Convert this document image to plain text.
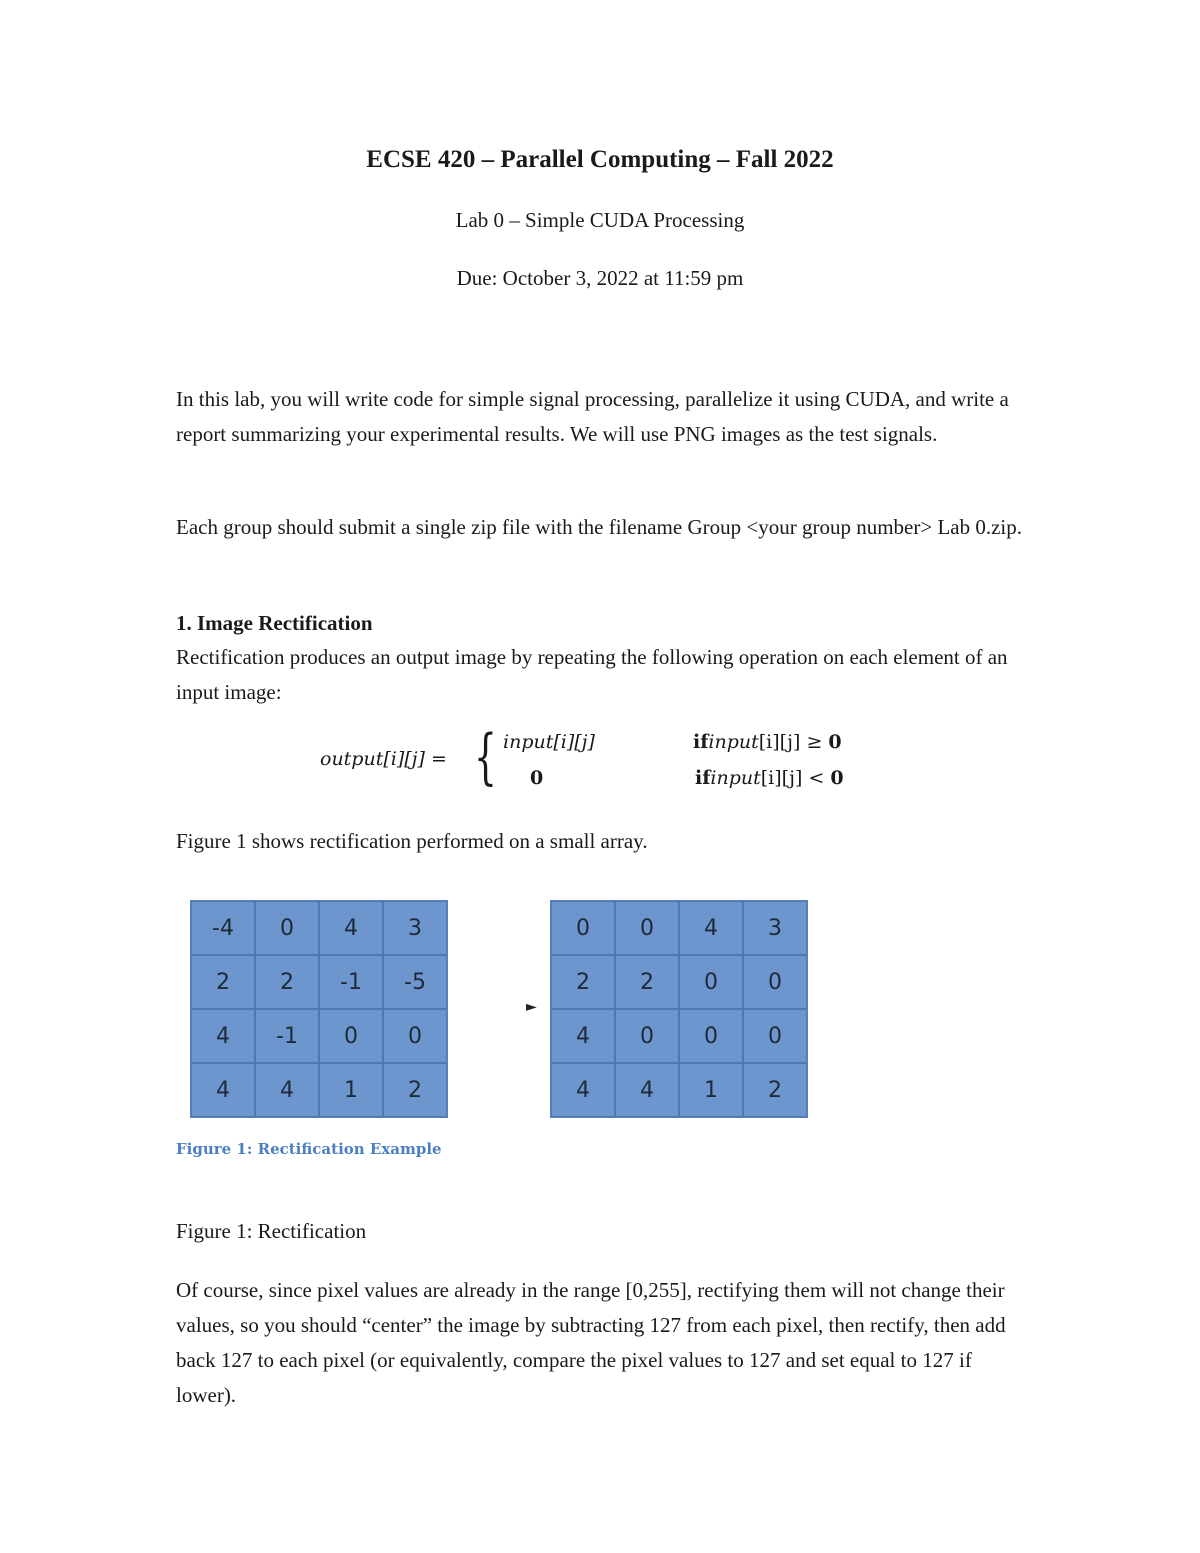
ECSE 420 – Parallel Computing – Fall 2022
Lab 0 – Simple CUDA Processing
Due: October 3, 2022 at 11:59 pm

In this lab, you will write code for simple signal processing, parallelize it using CUDA, and write a report summarizing your experimental results. We will use PNG images as the test signals.

Each group should submit a single zip file with the filename Group <your group number> Lab 0.zip.

1. Image Rectification

Rectification produces an output image by repeating the following operation on each element of an input image:

output[i][j] = { input[i][j]
0
ifinput[i][j] ≥ 0
ifinput[i][j] < 0

Figure 1 shows rectification performed on a small array.

-4	0	4	3
2	2	-1	-5
4	-1	0	0
4	4	1	2
►
0	0	4	3
2	2	0	0
4	0	0	0
4	4	1	2
Figure 1: Rectification Example

Figure 1: Rectification

Of course, since pixel values are already in the range [0,255], rectifying them will not change their values, so you should “center” the image by subtracting 127 from each pixel, then rectify, then add back 127 to each pixel (or equivalently, compare the pixel values to 127 and set equal to 127 if lower).
